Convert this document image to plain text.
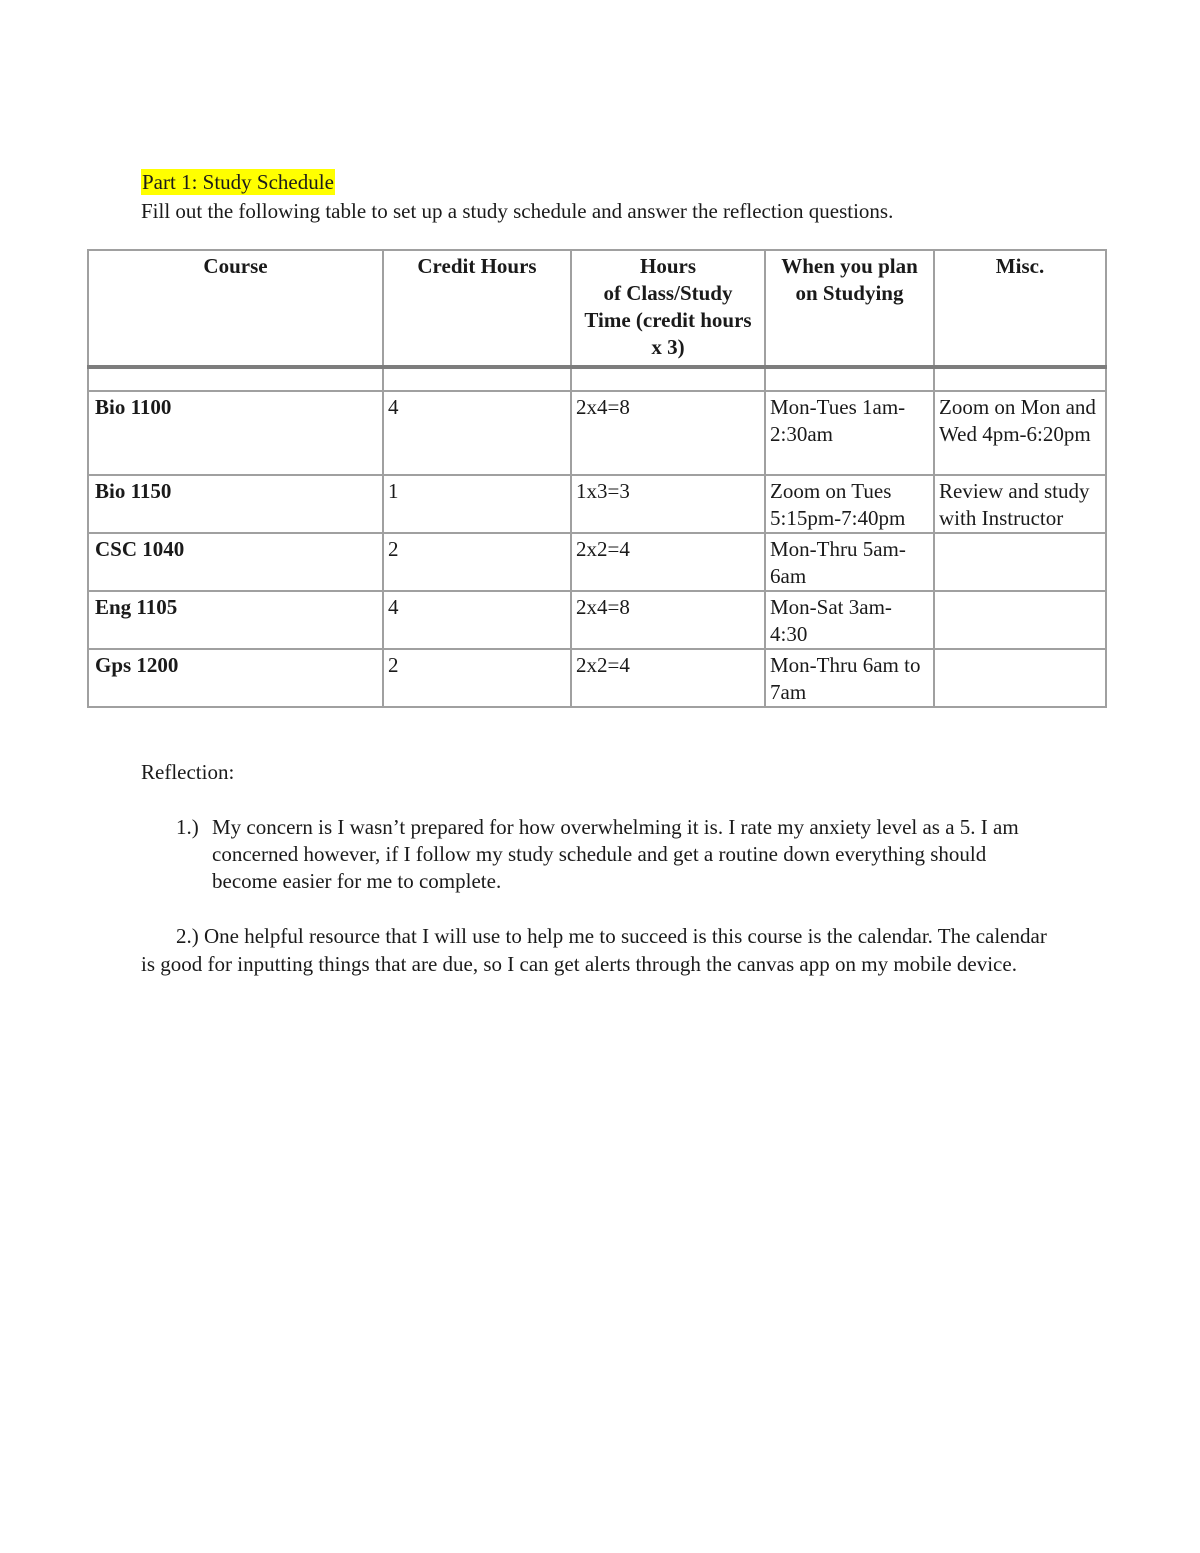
Part 1: Study Schedule
Fill out the following table to set up a study schedule and answer the reflection questions.
Course	Credit Hours	Hours
of Class/Study
Time (credit hours
x 3)	When you plan on Studying	Misc.

Bio 1100	4	2x4=8	Mon-Tues 1am-2:30am	Zoom on Mon and Wed 4pm-6:20pm
Bio 1150	1	1x3=3	Zoom on Tues 5:15pm-7:40pm	Review and study with Instructor
CSC 1040	2	2x2=4	Mon-Thru 5am-6am	
Eng 1105	4	2x4=8	Mon-Sat 3am-4:30	
Gps 1200	2	2x2=4	Mon-Thru 6am to 7am	
Reflection:
1.) My concern is I wasn’t prepared for how overwhelming it is. I rate my anxiety level as a 5. I am concerned however, if I follow my study schedule and get a routine down everything should become easier for me to complete.
2.) One helpful resource that I will use to help me to succeed is this course is the calendar. The calendar is good for inputting things that are due, so I can get alerts through the canvas app on my mobile device.
